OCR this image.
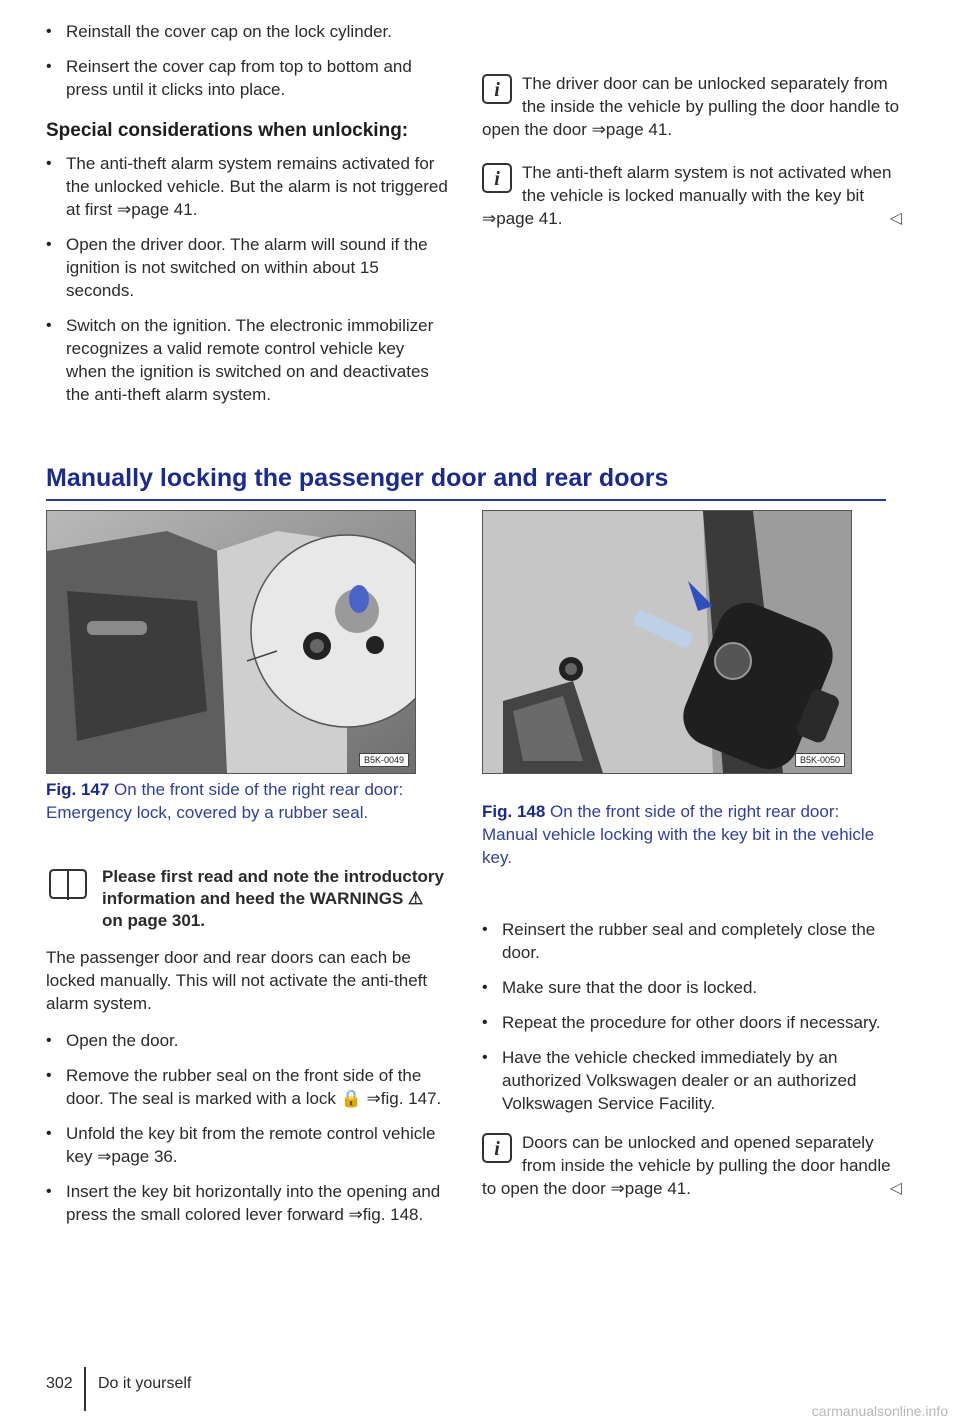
• Reinstall the cover cap on the lock cylinder.
• Reinsert the cover cap from top to bottom and press until it clicks into place.
Special considerations when unlocking:
• The anti-theft alarm system remains activated for the unlocked vehicle. But the alarm is not triggered at first ⇒page 41.
• Open the driver door. The alarm will sound if the ignition is not switched on within about 15 seconds.
• Switch on the ignition. The electronic immobilizer recognizes a valid remote control vehicle key when the ignition is switched on and deactivates the anti-theft alarm system.
i	The driver door can be unlocked separately from the inside the vehicle by pulling the door handle to open the door ⇒page 41.
i	The anti-theft alarm system is not activated when the vehicle is locked manually with the key bit ⇒page 41.	◁
Manually locking the passenger door and rear doors
B5K-0049
Fig. 147 On the front side of the right rear door: Emergency lock, covered by a rubber seal.
B5K-0050
Fig. 148 On the front side of the right rear door: Manual vehicle locking with the key bit in the vehicle key.
Please first read and note the introductory information and heed the WARNINGS ⚠ on page 301.

The passenger door and rear doors can each be locked manually. This will not activate the anti-theft alarm system.

• Open the door.
• Remove the rubber seal on the front side of the door. The seal is marked with a lock 🔒 ⇒fig. 147.
• Unfold the key bit from the remote control vehicle key ⇒page 36.
• Insert the key bit horizontally into the opening and press the small colored lever forward ⇒fig. 148.
• Reinsert the rubber seal and completely close the door.
• Make sure that the door is locked.
• Repeat the procedure for other doors if necessary.
• Have the vehicle checked immediately by an authorized Volkswagen dealer or an authorized Volkswagen Service Facility.
i	Doors can be unlocked and opened separately from inside the vehicle by pulling the door handle to open the door ⇒page 41.	◁
302 Do it yourself
carmanualsonline.info
